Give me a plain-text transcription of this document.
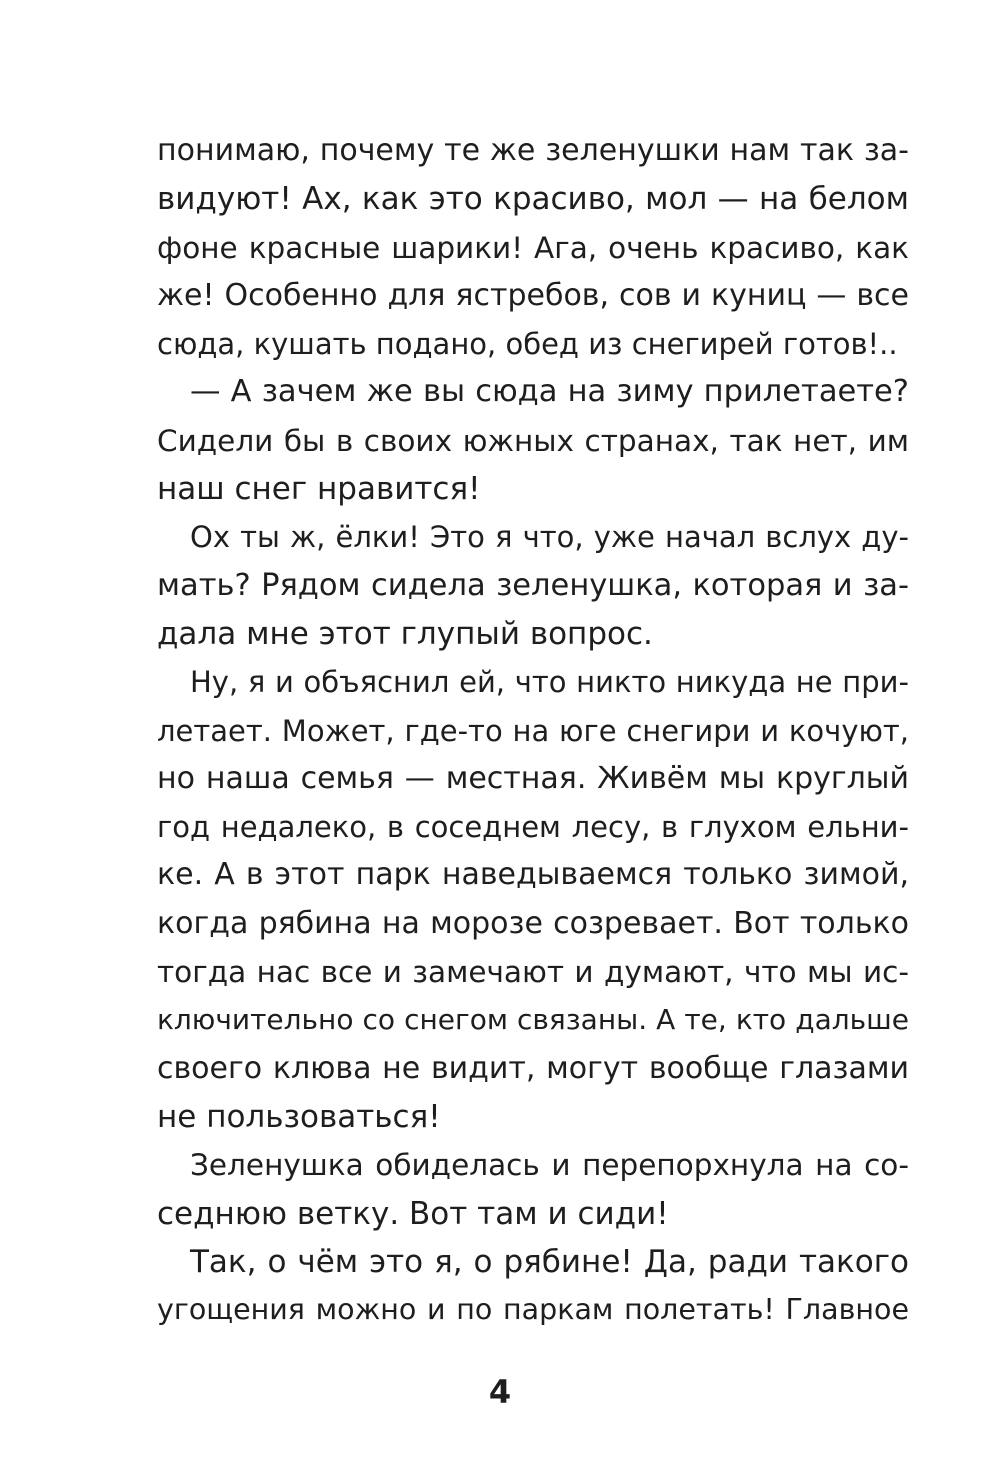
понимаю, почему те же зеленушки нам так за-
видуют! Ах, как это красиво, мол — на белом
фоне красные шарики! Ага, очень красиво, как
же! Особенно для ястребов, сов и куниц — все
сюда, кушать подано, обед из снегирей готов!..
— А зачем же вы сюда на зиму прилетаете?
Сидели бы в своих южных странах, так нет, им
наш снег нравится!
Ох ты ж, ёлки! Это я что, уже начал вслух ду-
мать? Рядом сидела зеленушка, которая и за-
дала мне этот глупый вопрос.
Ну, я и объяснил ей, что никто никуда не при-
летает. Может, где-то на юге снегири и кочуют,
но наша семья — местная. Живём мы круглый
год недалеко, в соседнем лесу, в глухом ельни-
ке. А в этот парк наведываемся только зимой,
когда рябина на морозе созревает. Вот только
тогда нас все и замечают и думают, что мы ис-
ключительно со снегом связаны. А те, кто дальше
своего клюва не видит, могут вообще глазами
не пользоваться!
Зеленушка обиделась и перепорхнула на со-
седнюю ветку. Вот там и сиди!
Так, о чём это я, о рябине! Да, ради такого
угощения можно и по паркам полетать! Главное
4
